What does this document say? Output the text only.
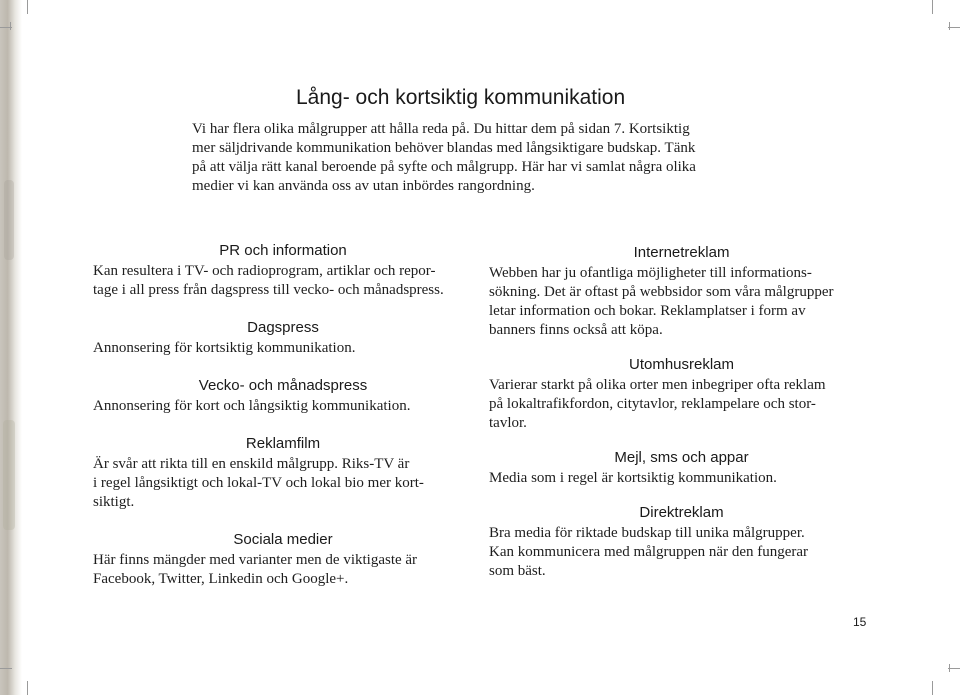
Lång- och kortsiktig kommunikation
Vi har flera olika målgrupper att hålla reda på. Du hittar dem på sidan 7. Kortsiktig
mer säljdrivande kommunikation behöver blandas med långsiktigare budskap. Tänk
på att välja rätt kanal beroende på syfte och målgrupp. Här har vi samlat några olika
medier vi kan använda oss av utan inbördes rangordning.
PR och information
Kan resultera i TV- och radioprogram, artiklar och repor-
tage i all press från dagspress till vecko- och månadspress.
Dagspress
Annonsering för kortsiktig kommunikation.
Vecko- och månadspress
Annonsering för kort och långsiktig kommunikation.
Reklamfilm
Är svår att rikta till en enskild målgrupp. Riks-TV är
i regel långsiktigt och lokal-TV och lokal bio mer kort-
siktigt.
Sociala medier
Här finns mängder med varianter men de viktigaste är
Facebook, Twitter, Linkedin och Google+.
Internetreklam
Webben har ju ofantliga möjligheter till informations-
sökning. Det är oftast på webbsidor som våra målgrupper
letar information och bokar. Reklamplatser i form av
banners finns också att köpa.
Utomhusreklam
Varierar starkt på olika orter men inbegriper ofta reklam
på lokaltrafikfordon, citytavlor, reklampelare och stor-
tavlor.
Mejl, sms och appar
Media som i regel är kortsiktig kommunikation.
Direktreklam
Bra media för riktade budskap till unika målgrupper.
Kan kommunicera med målgruppen när den fungerar
som bäst.
15
